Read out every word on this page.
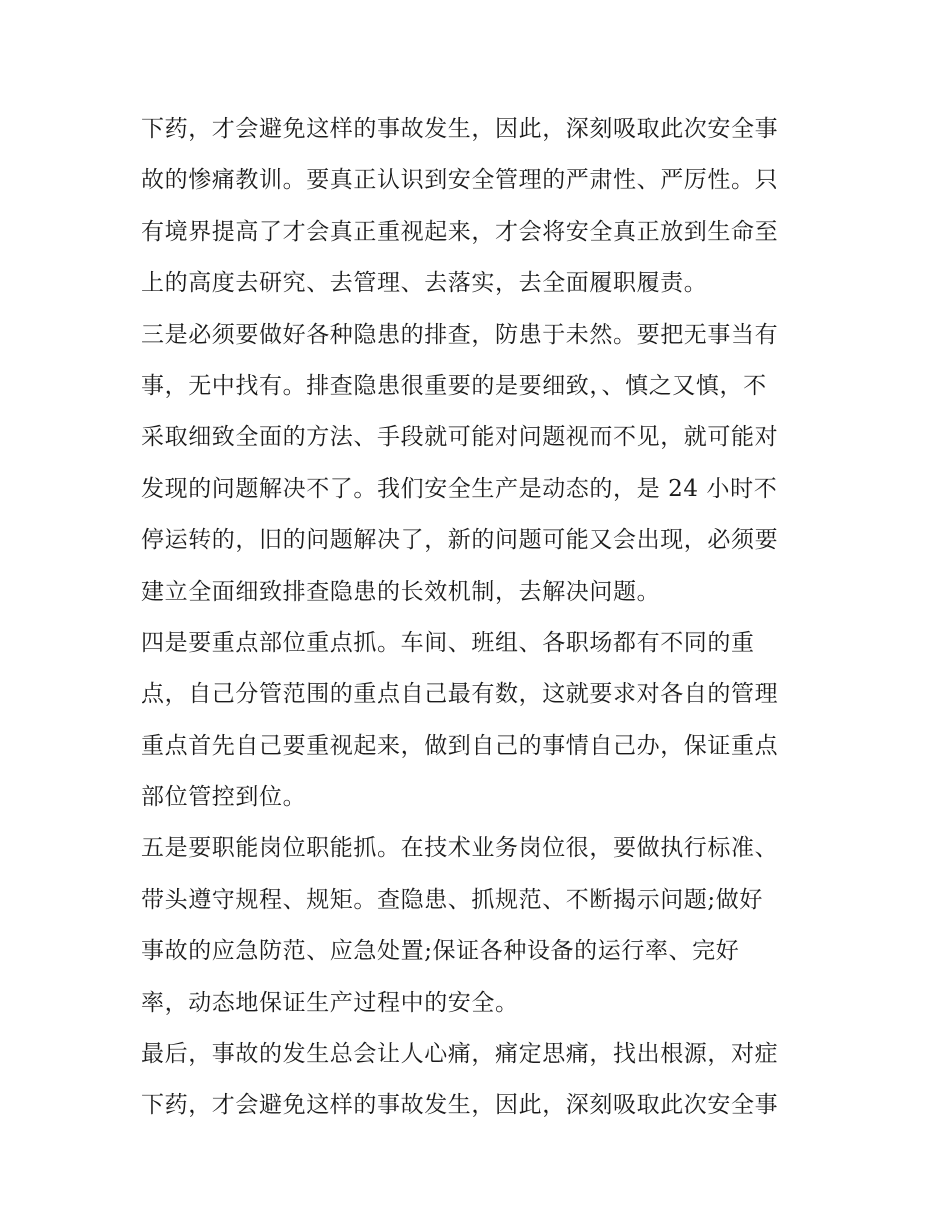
下药，才会避免这样的事故发生，因此，深刻吸取此次安全事
故的惨痛教训。要真正认识到安全管理的严肃性、严厉性。只
有境界提高了才会真正重视起来，才会将安全真正放到生命至
上的高度去研究、去管理、去落实，去全面履职履责。
三是必须要做好各种隐患的排查，防患于未然。要把无事当有
事，无中找有。排查隐患很重要的是要细致，、慎之又慎，不
采取细致全面的方法、手段就可能对问题视而不见，就可能对
发现的问题解决不了。我们安全生产是动态的，是 24 小时不
停运转的，旧的问题解决了，新的问题可能又会出现，必须要
建立全面细致排查隐患的长效机制，去解决问题。
四是要重点部位重点抓。车间、班组、各职场都有不同的重
点，自己分管范围的重点自己最有数，这就要求对各自的管理
重点首先自己要重视起来，做到自己的事情自己办，保证重点
部位管控到位。
五是要职能岗位职能抓。在技术业务岗位很，要做执行标准、
带头遵守规程、规矩。查隐患、抓规范、不断揭示问题;做好
事故的应急防范、应急处置;保证各种设备的运行率、完好
率，动态地保证生产过程中的安全。
最后，事故的发生总会让人心痛，痛定思痛，找出根源，对症
下药，才会避免这样的事故发生，因此，深刻吸取此次安全事
